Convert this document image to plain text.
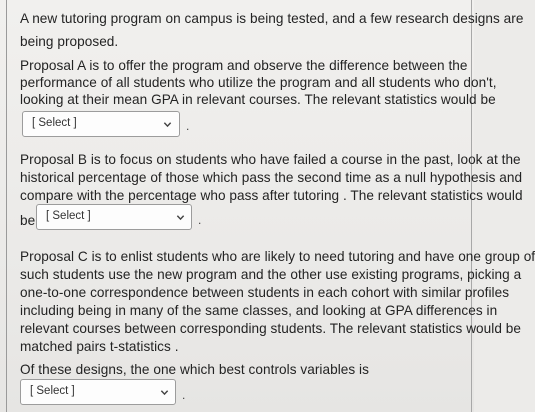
A new tutoring program on campus is being tested, and a few research designs are
being proposed.
Proposal A is to offer the program and observe the difference between the
performance of all students who utilize the program and all students who don't,
looking at their mean GPA in relevant courses. The relevant statistics would be
[ Select ]	.
Proposal B is to focus on students who have failed a course in the past, look at the
historical percentage of those which pass the second time as a null hypothesis and
compare with the percentage who pass after tutoring . The relevant statistics would
be [ Select ]	.
Proposal C is to enlist students who are likely to need tutoring and have one group of
such students use the new program and the other use existing programs, picking a
one-to-one correspondence between students in each cohort with similar profiles
including being in many of the same classes, and looking at GPA differences in
relevant courses between corresponding students. The relevant statistics would be
matched pairs t-statistics .
Of these designs, the one which best controls variables is
[ Select ]	.
